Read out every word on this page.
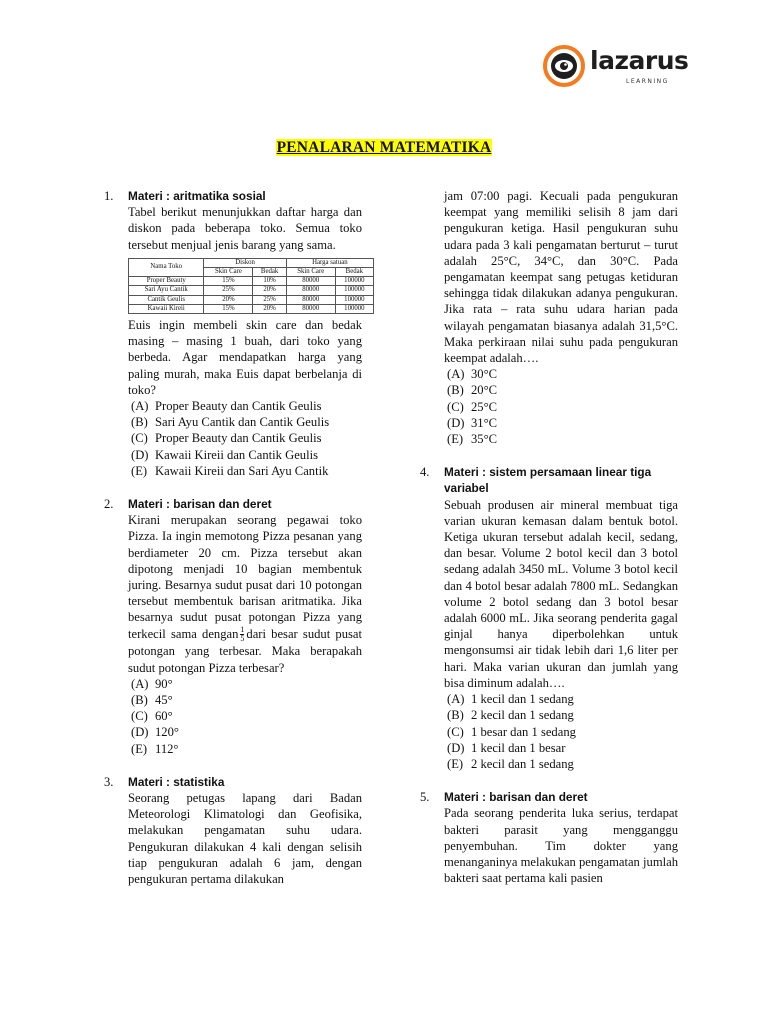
lazarus
LEARNING
PENALARAN MATEMATIKA
1. Materi : aritmatika sosial

Tabel berikut menunjukkan daftar harga dan diskon pada beberapa toko. Semua toko tersebut menjual jenis barang yang sama.

Nama Toko	Diskon		Harga satuan	
	Skin Care	Bedak	Skin Care	Bedak
Proper Beauty	15%	10%	80000	100000
Sari Ayu Cantik	25%	20%	80000	100000
Cantik Geulis	20%	25%	80000	100000
Kawaii Kireii	15%	20%	80000	100000

Euis ingin membeli skin care dan bedak masing – masing 1 buah, dari toko yang berbeda. Agar mendapatkan harga yang paling murah, maka Euis dapat berbelanja di toko?

(A) Proper Beauty dan Cantik Geulis
(B) Sari Ayu Cantik dan Cantik Geulis
(C) Proper Beauty dan Cantik Geulis
(D) Kawaii Kireii dan Cantik Geulis
(E) Kawaii Kireii dan Sari Ayu Cantik
2. Materi : barisan dan deret

Kirani merupakan seorang pegawai toko Pizza. Ia ingin memotong Pizza pesanan yang berdiameter 20 cm. Pizza tersebut akan dipotong menjadi 10 bagian membentuk juring. Besarnya sudut pusat dari 10 potongan tersebut membentuk barisan aritmatika. Jika besarnya sudut pusat potongan Pizza yang terkecil sama dengan $\frac{1}{5}$ dari besar sudut pusat potongan yang terbesar. Maka berapakah sudut potongan Pizza terbesar?

(A) 90°
(B) 45°
(C) 60°
(D) 120°
(E) 112°
3. Materi : statistika

Seorang petugas lapang dari Badan Meteorologi Klimatologi dan Geofisika, melakukan pengamatan suhu udara. Pengukuran dilakukan 4 kali dengan selisih tiap pengukuran adalah 6 jam, dengan pengukuran pertama dilakukan

jam 07:00 pagi. Kecuali pada pengukuran keempat yang memiliki selisih 8 jam dari pengukuran ketiga. Hasil pengukuran suhu udara pada 3 kali pengamatan berturut – turut adalah 25°C, 34°C, dan 30°C. Pada pengamatan keempat sang petugas ketiduran sehingga tidak dilakukan adanya pengukuran. Jika rata – rata suhu udara harian pada wilayah pengamatan biasanya adalah 31,5°C. Maka perkiraan nilai suhu pada pengukuran keempat adalah….

(A) 30°C
(B) 20°C
(C) 25°C
(D) 31°C
(E) 35°C
4. Materi : sistem persamaan linear tiga variabel

Sebuah produsen air mineral membuat tiga varian ukuran kemasan dalam bentuk botol. Ketiga ukuran tersebut adalah kecil, sedang, dan besar. Volume 2 botol kecil dan 3 botol sedang adalah 3450 mL. Volume 3 botol kecil dan 4 botol besar adalah 7800 mL. Sedangkan volume 2 botol sedang dan 3 botol besar adalah 6000 mL. Jika seorang penderita gagal ginjal hanya diperbolehkan untuk mengonsumsi air tidak lebih dari 1,6 liter per hari. Maka varian ukuran dan jumlah yang bisa diminum adalah….

(A) 1 kecil dan 1 sedang
(B) 2 kecil dan 1 sedang
(C) 1 besar dan 1 sedang
(D) 1 kecil dan 1 besar
(E) 2 kecil dan 1 sedang
5. Materi : barisan dan deret

Pada seorang penderita luka serius, terdapat bakteri parasit yang mengganggu penyembuhan. Tim dokter yang menanganinya melakukan pengamatan jumlah bakteri saat pertama kali pasien
